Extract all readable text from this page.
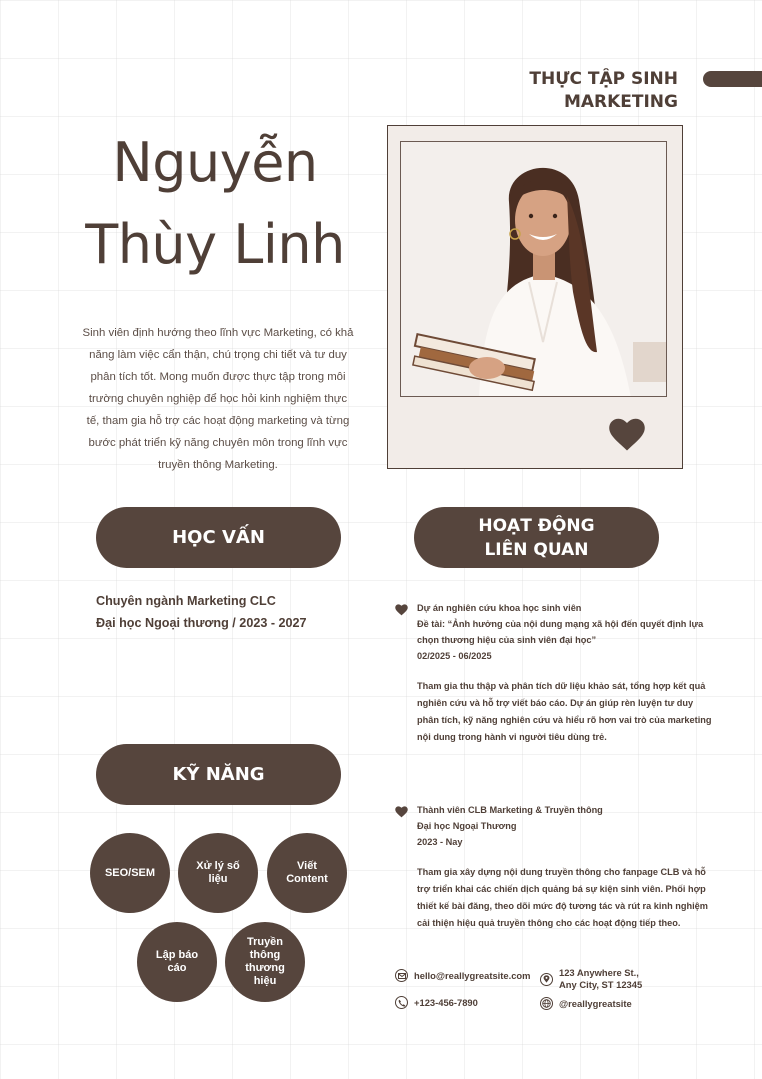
THỰC TẬP SINH
MARKETING
Nguyễn
Thùy Linh
Sinh viên định hướng theo lĩnh vực Marketing, có khả năng làm việc cẩn thận, chú trọng chi tiết và tư duy phân tích tốt. Mong muốn được thực tập trong môi trường chuyên nghiệp để học hỏi kinh nghiệm thực tế, tham gia hỗ trợ các hoạt động marketing và từng bước phát triển kỹ năng chuyên môn trong lĩnh vực truyền thông Marketing.
HỌC VẤN
Chuyên ngành Marketing CLC
Đại học Ngoại thương / 2023 - 2027
HOẠT ĐỘNG
LIÊN QUAN
Dự án nghiên cứu khoa học sinh viên
Đề tài: “Ảnh hưởng của nội dung mạng xã hội đến quyết định lựa chọn thương hiệu của sinh viên đại học”
02/2025 - 06/2025
Tham gia thu thập và phân tích dữ liệu khảo sát, tổng hợp kết quả nghiên cứu và hỗ trợ viết báo cáo. Dự án giúp rèn luyện tư duy phân tích, kỹ năng nghiên cứu và hiểu rõ hơn vai trò của marketing nội dung trong hành vi người tiêu dùng trẻ.
Thành viên CLB Marketing & Truyền thông
Đại học Ngoại Thương
2023 - Nay
Tham gia xây dựng nội dung truyền thông cho fanpage CLB và hỗ trợ triển khai các chiến dịch quảng bá sự kiện sinh viên. Phối hợp thiết kế bài đăng, theo dõi mức độ tương tác và rút ra kinh nghiệm cải thiện hiệu quả truyền thông cho các hoạt động tiếp theo.
KỸ NĂNG
SEO/SEM
Xử lý số liệu
Viết Content
Lập báo cáo
Truyền thông thương hiệu	hello@reallygreatsite.com
+123-456-7890
123 Anywhere St.,
Any City, ST 12345
@reallygreatsite
